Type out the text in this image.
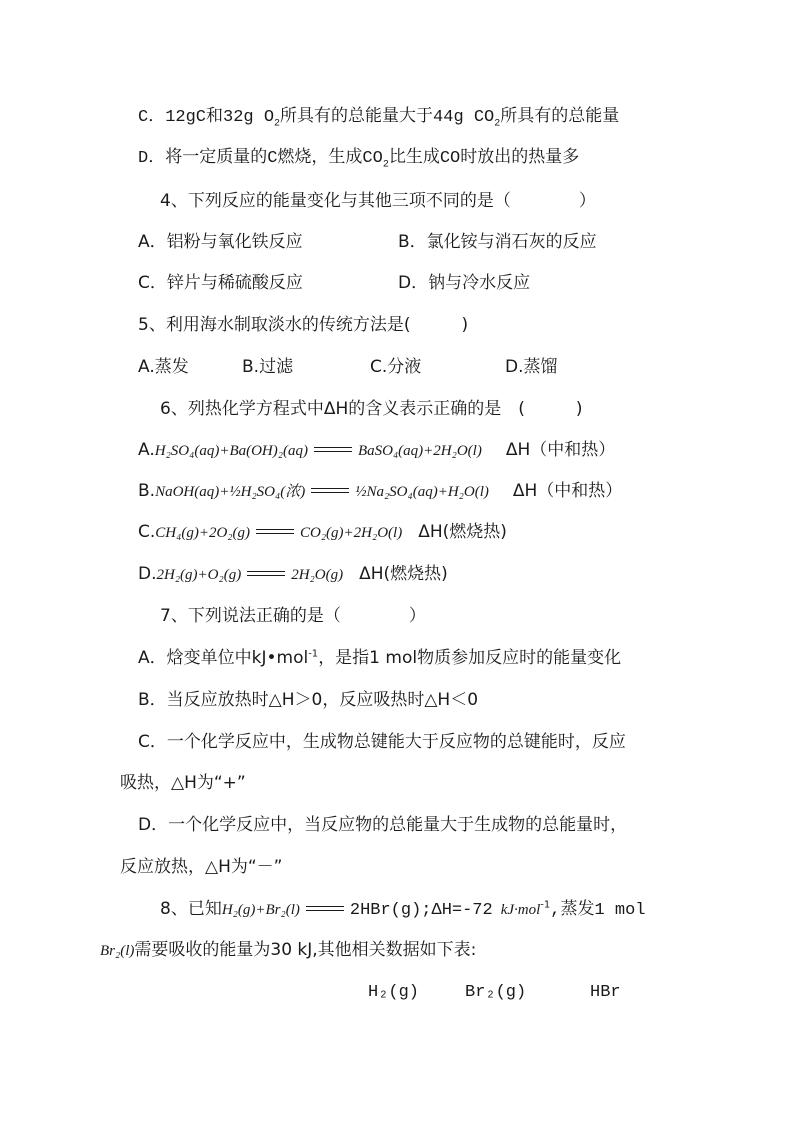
C．12gC和32g $O_2$所具有的总能量大于44g $CO_2$所具有的总能量
D．将一定质量的C燃烧，生成$CO_2$比生成CO时放出的热量多
4、下列反应的能量变化与其他三项不同的是（　　　　）
A．铝粉与氧化铁反应	B．氯化铵与消石灰的反应
C．锌片与稀硫酸反应	D．钠与冷水反应
5、利用海水制取淡水的传统方法是(　　　)
A.蒸发	B.过滤	C.分液	D.蒸馏
6、列热化学方程式中ΔH的含义表示正确的是　(　　　)
A.H₂SO₄(aq)+Ba(OH)₂(aq)	BaSO₄(aq)+2H₂O(l) ΔH（中和热）
B.NaOH(aq)+½H₂SO₄(浓)	½Na₂SO₄(aq)+H₂O(l) ΔH（中和热）
C.CH₄(g)+2O₂(g)	CO₂(g)+2H₂O(l) ΔH(燃烧热)
D.2H₂(g)+O₂(g)	2H₂O(g) ΔH(燃烧热)
7、下列说法正确的是（　　　　）
A．焓变单位中kJ•mol$^{-1}$，是指1 mol物质参加反应时的能量变化
B．当反应放热时△H＞0，反应吸热时△H＜0
C．一个化学反应中，生成物总键能大于反应物的总键能时，反应
吸热，△H为“+”
D．一个化学反应中，当反应物的总能量大于生成物的总能量时，
反应放热，△H为“－”
8、已知H₂(g)+Br₂(l)	2HBr(g);ΔH=-72 kJ·mol$^{-1}$,蒸发1 mol
Br₂(l)需要吸收的能量为30 kJ,其他相关数据如下表:
H₂(g)	Br₂(g)	HBr
